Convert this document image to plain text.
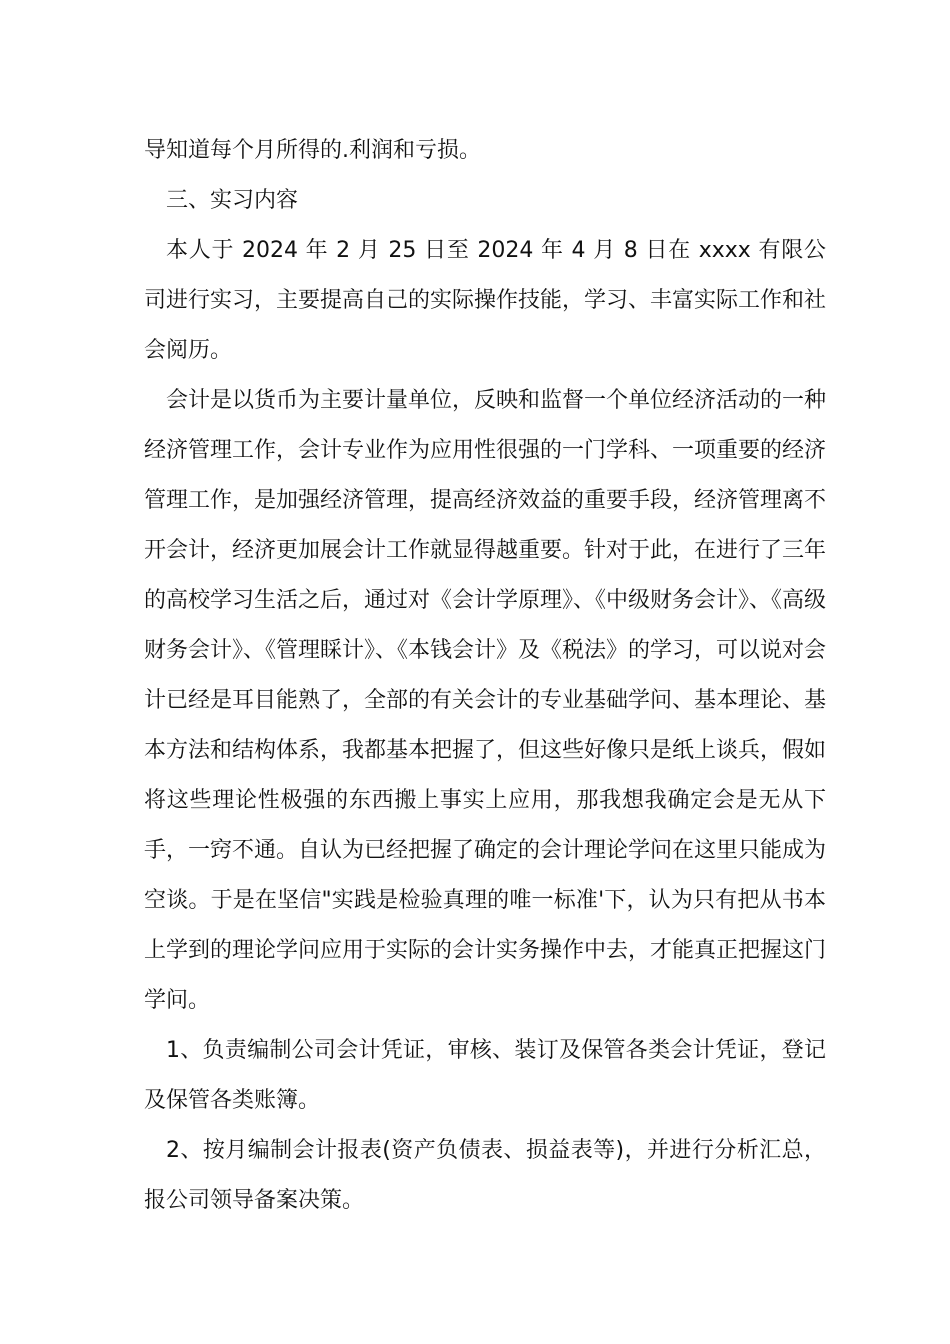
导知道每个月所得的.利润和亏损。

三、实习内容

本人于 2024 年 2 月 25 日至 2024 年 4 月 8 日在 xxxx 有限公司进行实习，主要提高自己的实际操作技能，学习、丰富实际工作和社会阅历。

会计是以货币为主要计量单位，反映和监督一个单位经济活动的一种经济管理工作，会计专业作为应用性很强的一门学科、一项重要的经济管理工作，是加强经济管理，提高经济效益的重要手段，经济管理离不开会计，经济更加展会计工作就显得越重要。针对于此，在进行了三年的高校学习生活之后，通过对《会计学原理》、《中级财务会计》、《高级财务会计》、《管理睬计》、《本钱会计》及《税法》的学习，可以说对会计已经是耳目能熟了，全部的有关会计的专业基础学问、基本理论、基本方法和结构体系，我都基本把握了，但这些好像只是纸上谈兵，假如将这些理论性极强的东西搬上事实上应用，那我想我确定会是无从下手，一窍不通。自认为已经把握了确定的会计理论学问在这里只能成为空谈。于是在坚信"实践是检验真理的唯一标准'下，认为只有把从书本上学到的理论学问应用于实际的会计实务操作中去，才能真正把握这门学问。

1、负责编制公司会计凭证，审核、装订及保管各类会计凭证，登记及保管各类账簿。

2、按月编制会计报表(资产负债表、损益表等)，并进行分析汇总，报公司领导备案决策。
